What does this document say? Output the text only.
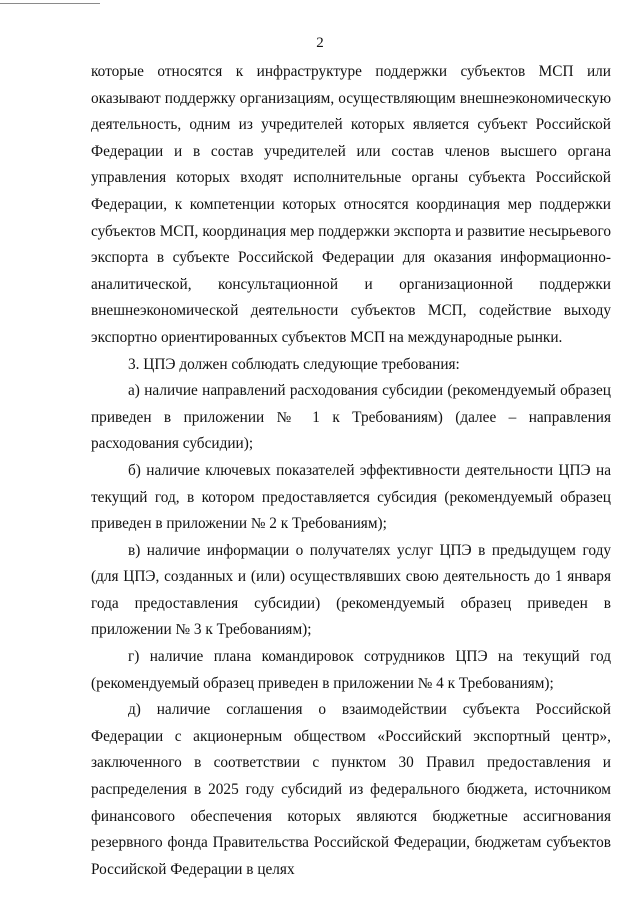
2

которые относятся к инфраструктуре поддержки субъектов МСП или оказывают поддержку организациям, осуществляющим внешнеэкономическую деятельность, одним из учредителей которых является субъект Российской Федерации и в состав учредителей или состав членов высшего органа управления которых входят исполнительные органы субъекта Российской Федерации, к компетенции которых относятся координация мер поддержки субъектов МСП, координация мер поддержки экспорта и развитие несырьевого экспорта в субъекте Российской Федерации для оказания информационно-аналитической, консультационной и организационной поддержки внешнеэкономической деятельности субъектов МСП, содействие выходу экспортно ориентированных субъектов МСП на международные рынки.

3. ЦПЭ должен соблюдать следующие требования:

а) наличие направлений расходования субсидии (рекомендуемый образец приведен в приложении № 1 к Требованиям) (далее – направления расходования субсидии);

б) наличие ключевых показателей эффективности деятельности ЦПЭ на текущий год, в котором предоставляется субсидия (рекомендуемый образец приведен в приложении № 2 к Требованиям);

в) наличие информации о получателях услуг ЦПЭ в предыдущем году (для ЦПЭ, созданных и (или) осуществлявших свою деятельность до 1 января года предоставления субсидии) (рекомендуемый образец приведен в приложении № 3 к Требованиям);

г) наличие плана командировок сотрудников ЦПЭ на текущий год (рекомендуемый образец приведен в приложении № 4 к Требованиям);

д) наличие соглашения о взаимодействии субъекта Российской Федерации с акционерным обществом «Российский экспортный центр», заключенного в соответствии с пунктом 30 Правил предоставления и распределения в 2025 году субсидий из федерального бюджета, источником финансового обеспечения которых являются бюджетные ассигнования резервного фонда Правительства Российской Федерации, бюджетам субъектов Российской Федерации в целях
